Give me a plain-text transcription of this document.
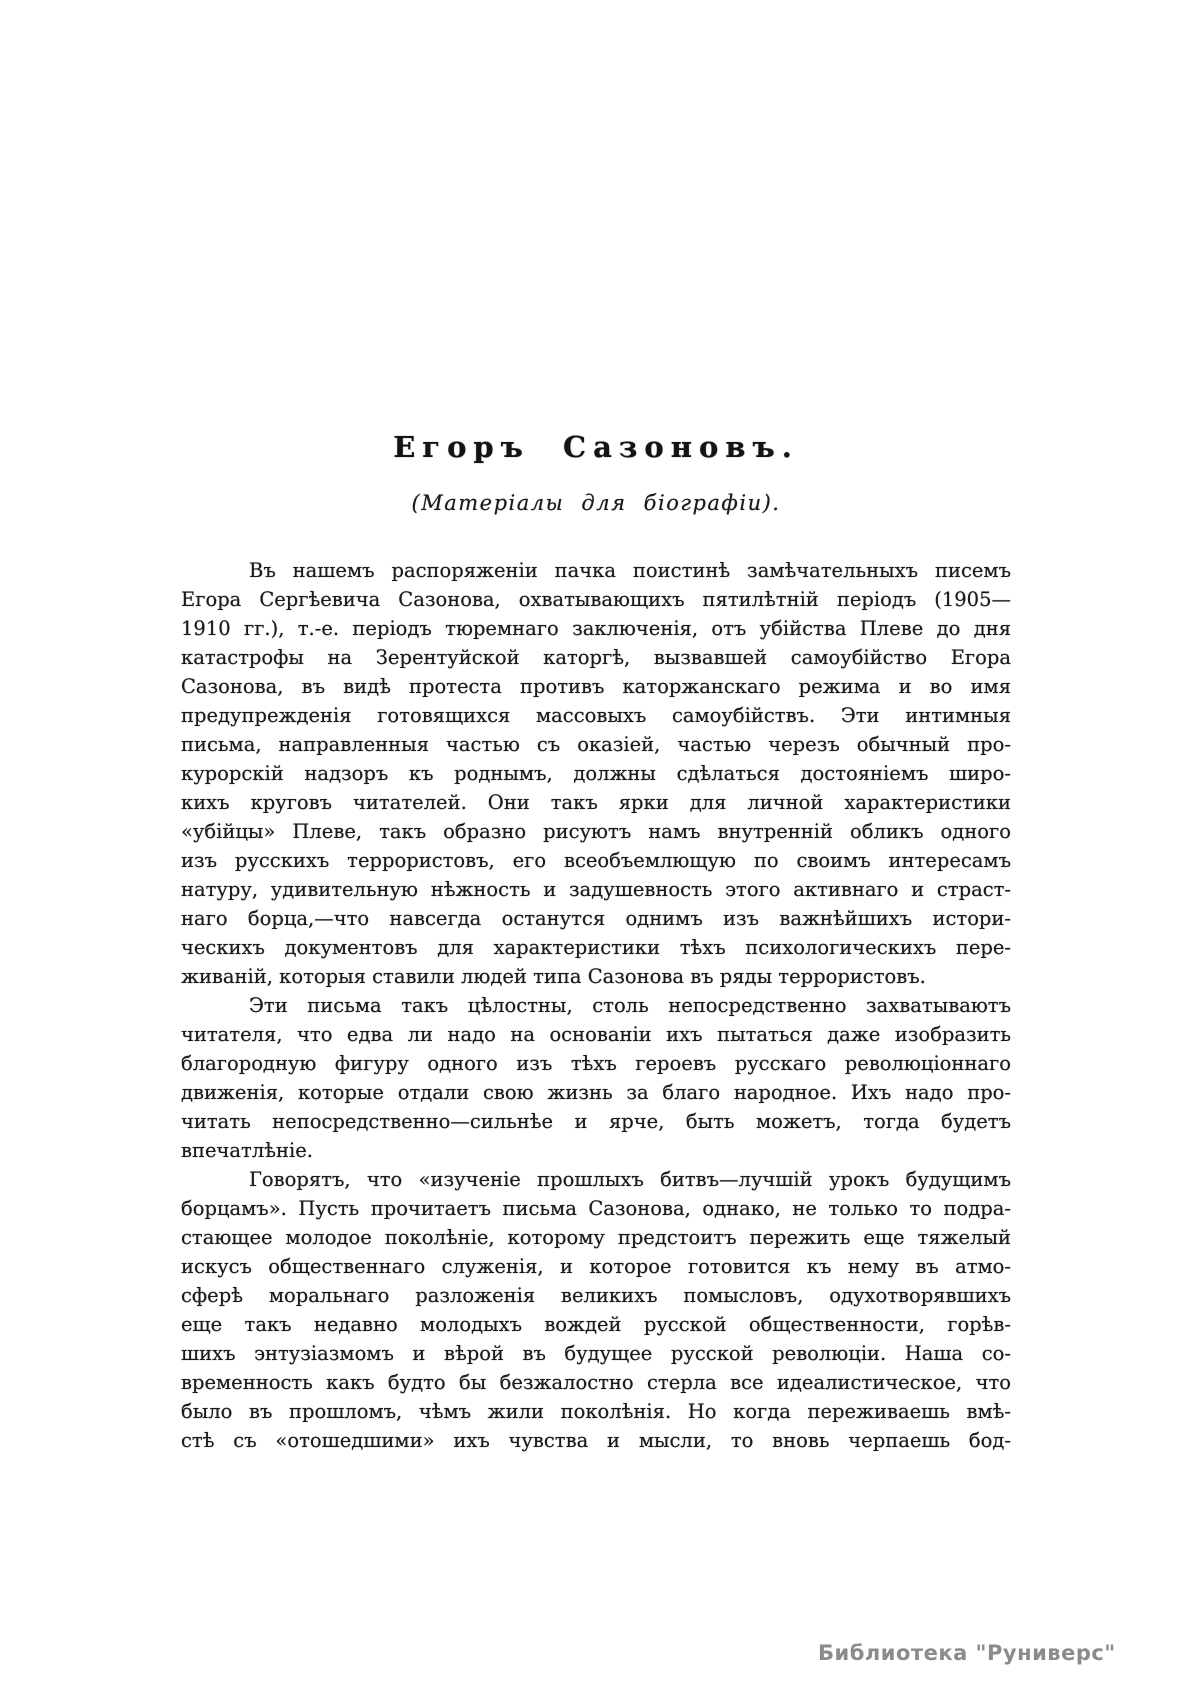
Егоръ Сазоновъ.
(Матеріалы для біографіи).
Въ нашемъ распоряженіи пачка поистинѣ замѣчательныхъ писемъ
Егора Сергѣевича Сазонова, охватывающихъ пятилѣтній періодъ (1905—
1910 гг.), т.-е. періодъ тюремнаго заключенія, отъ убійства Плеве до дня
катастрофы на Зерентуйской каторгѣ, вызвавшей самоубійство Егора
Сазонова, въ видѣ протеста противъ каторжанскаго режима и во имя
предупрежденія готовящихся массовыхъ самоубійствъ. Эти интимныя
письма, направленныя частью съ оказіей, частью черезъ обычный про-
курорскій надзоръ къ роднымъ, должны сдѣлаться достояніемъ широ-
кихъ круговъ читателей. Они такъ ярки для личной характеристики
«убійцы» Плеве, такъ образно рисуютъ намъ внутренній обликъ одного
изъ русскихъ террористовъ, его всеобъемлющую по своимъ интересамъ
натуру, удивительную нѣжность и задушевность этого активнаго и страст-
наго борца,—что навсегда останутся однимъ изъ важнѣйшихъ истори-
ческихъ документовъ для характеристики тѣхъ психологическихъ пере-
живаній, которыя ставили людей типа Сазонова въ ряды террористовъ.
Эти письма такъ цѣлостны, столь непосредственно захватываютъ
читателя, что едва ли надо на основаніи ихъ пытаться даже изобразить
благородную фигуру одного изъ тѣхъ героевъ русскаго революціоннаго
движенія, которые отдали свою жизнь за благо народное. Ихъ надо про-
читать непосредственно—сильнѣе и ярче, быть можетъ, тогда будетъ
впечатлѣніе.
Говорятъ, что «изученіе прошлыхъ битвъ—лучшій урокъ будущимъ
борцамъ». Пусть прочитаетъ письма Сазонова, однако, не только то подра-
стающее молодое поколѣніе, которому предстоитъ пережить еще тяжелый
искусъ общественнаго служенія, и которое готовится къ нему въ атмо-
сферѣ моральнаго разложенія великихъ помысловъ, одухотворявшихъ
еще такъ недавно молодыхъ вождей русской общественности, горѣв-
шихъ энтузіазмомъ и вѣрой въ будущее русской революціи. Наша со-
временность какъ будто бы безжалостно стерла все идеалистическое, что
было въ прошломъ, чѣмъ жили поколѣнія. Но когда переживаешь вмѣ-
стѣ съ «отошедшими» ихъ чувства и мысли, то вновь черпаешь бод-
Библиотека "Руниверс"
